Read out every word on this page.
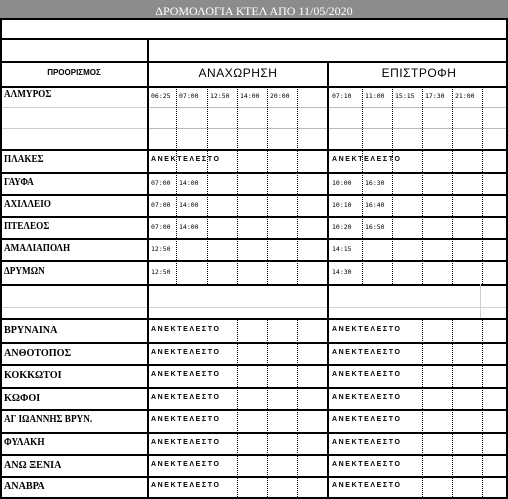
ΔΡΟΜΟΛΟΓΙΑ ΚΤΕΛ ΑΠΟ 11/05/2020
ΠΡΟΟΡΙΣΜΟΣ	ΑΝΑΧΩΡΗΣΗ	ΕΠΙΣΤΡΟΦΗ
ΑΛΜΥΡΟΣ	06:25 07:00 12:50 14:00 20:00	07:10 11:00 15:15 17:30 21:00
ΠΛΑΚΕΣ	ΑΝΕΚΤΕΛΕΣΤΟ	ΑΝΕΚΤΕΛΕΣΤΟ
ΓΑΥΦΑ	07:00 14:00	10:00 16:30
ΑΧΙΛΛΕΙΟ	07:00 14:00	10:10 16:40
ΠΤΕΛΕΟΣ	07:00 14:00	10:20 16:50
ΑΜΑΛΙΑΠΟΛΗ	12:50	14:15
ΔΡΥΜΩΝ	12:50	14:30
ΒΡΥΝΑΙΝΑ	ΑΝΕΚΤΕΛΕΣΤΟ	ΑΝΕΚΤΕΛΕΣΤΟ
ΑΝΘΟΤΟΠΟΣ	ΑΝΕΚΤΕΛΕΣΤΟ	ΑΝΕΚΤΕΛΕΣΤΟ
ΚΟΚΚΩΤΟΙ	ΑΝΕΚΤΕΛΕΣΤΟ	ΑΝΕΚΤΕΛΕΣΤΟ
ΚΩΦΟΙ	ΑΝΕΚΤΕΛΕΣΤΟ	ΑΝΕΚΤΕΛΕΣΤΟ
ΑΓ ΙΩΑΝΝΗΣ ΒΡΥΝ.	ΑΝΕΚΤΕΛΕΣΤΟ	ΑΝΕΚΤΕΛΕΣΤΟ
ΦΥΛΑΚΗ	ΑΝΕΚΤΕΛΕΣΤΟ	ΑΝΕΚΤΕΛΕΣΤΟ
ΑΝΩ ΞΕΝΙΑ	ΑΝΕΚΤΕΛΕΣΤΟ	ΑΝΕΚΤΕΛΕΣΤΟ
ΑΝΑΒΡΑ	ΑΝΕΚΤΕΛΕΣΤΟ	ΑΝΕΚΤΕΛΕΣΤΟ
